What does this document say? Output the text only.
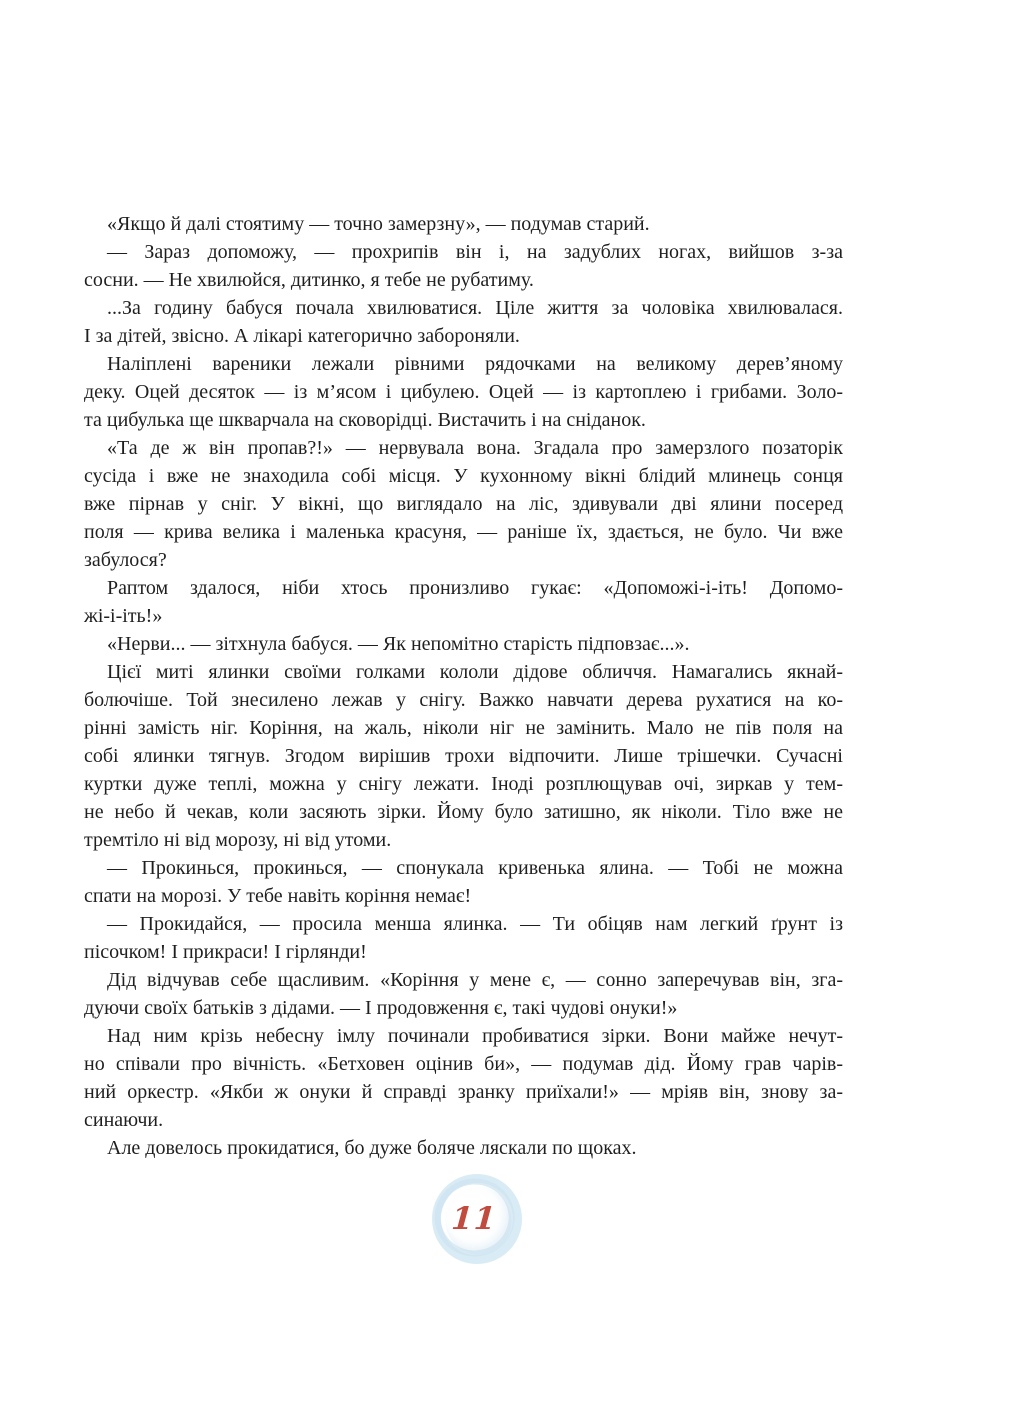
«Якщо й далі стоятиму — точно замерзну», — подумав старий.
— Зараз допоможу, — прохрипів він і, на задублих ногах, вийшов з-за
сосни. — Не хвилюйся, дитинко, я тебе не рубатиму.
...За годину бабуся почала хвилюватися. Ціле життя за чоловіка хвилювалася.
І за дітей, звісно. А лікарі категорично забороняли.
Наліплені вареники лежали рівними рядочками на великому дерев’яному
деку. Оцей десяток — із м’ясом і цибулею. Оцей — із картоплею і грибами. Золо-
та цибулька ще шкварчала на сковорідці. Вистачить і на сніданок.
«Та де ж він пропав?!» — нервувала вона. Згадала про замерзлого позаторік
сусіда і вже не знаходила собі місця. У кухонному вікні блідий млинець сонця
вже пірнав у сніг. У вікні, що виглядало на ліс, здивували дві ялини посеред
поля — крива велика і маленька красуня, — раніше їх, здається, не було. Чи вже
забулося?
Раптом здалося, ніби хтось пронизливо гукає: «Допоможі-і-іть! Допомо-
жі-і-іть!»
«Нерви... — зітхнула бабуся. — Як непомітно старість підповзає...».
Цієї миті ялинки своїми голками кололи дідове обличчя. Намагались якнай-
болючіше. Той знесилено лежав у снігу. Важко навчати дерева рухатися на ко-
рінні замість ніг. Коріння, на жаль, ніколи ніг не замінить. Мало не пів поля на
собі ялинки тягнув. Згодом вирішив трохи відпочити. Лише трішечки. Сучасні
куртки дуже теплі, можна у снігу лежати. Іноді розплющував очі, зиркав у тем-
не небо й чекав, коли засяють зірки. Йому було затишно, як ніколи. Тіло вже не
тремтіло ні від морозу, ні від утоми.
— Прокинься, прокинься, — спонукала кривенька ялина. — Тобі не можна
спати на морозі. У тебе навіть коріння немає!
— Прокидайся, — просила менша ялинка. — Ти обіцяв нам легкий ґрунт із
пісочком! І прикраси! І гірлянди!
Дід відчував себе щасливим. «Коріння у мене є, — сонно заперечував він, зга-
дуючи своїх батьків з дідами. — І продовження є, такі чудові онуки!»
Над ним крізь небесну імлу починали пробиватися зірки. Вони майже нечут-
но співали про вічність. «Бетховен оцінив би», — подумав дід. Йому грав чарів-
ний оркестр. «Якби ж онуки й справді зранку приїхали!» — мріяв він, знову за-
синаючи.
Але довелось прокидатися, бо дуже боляче ляскали по щоках.
11
